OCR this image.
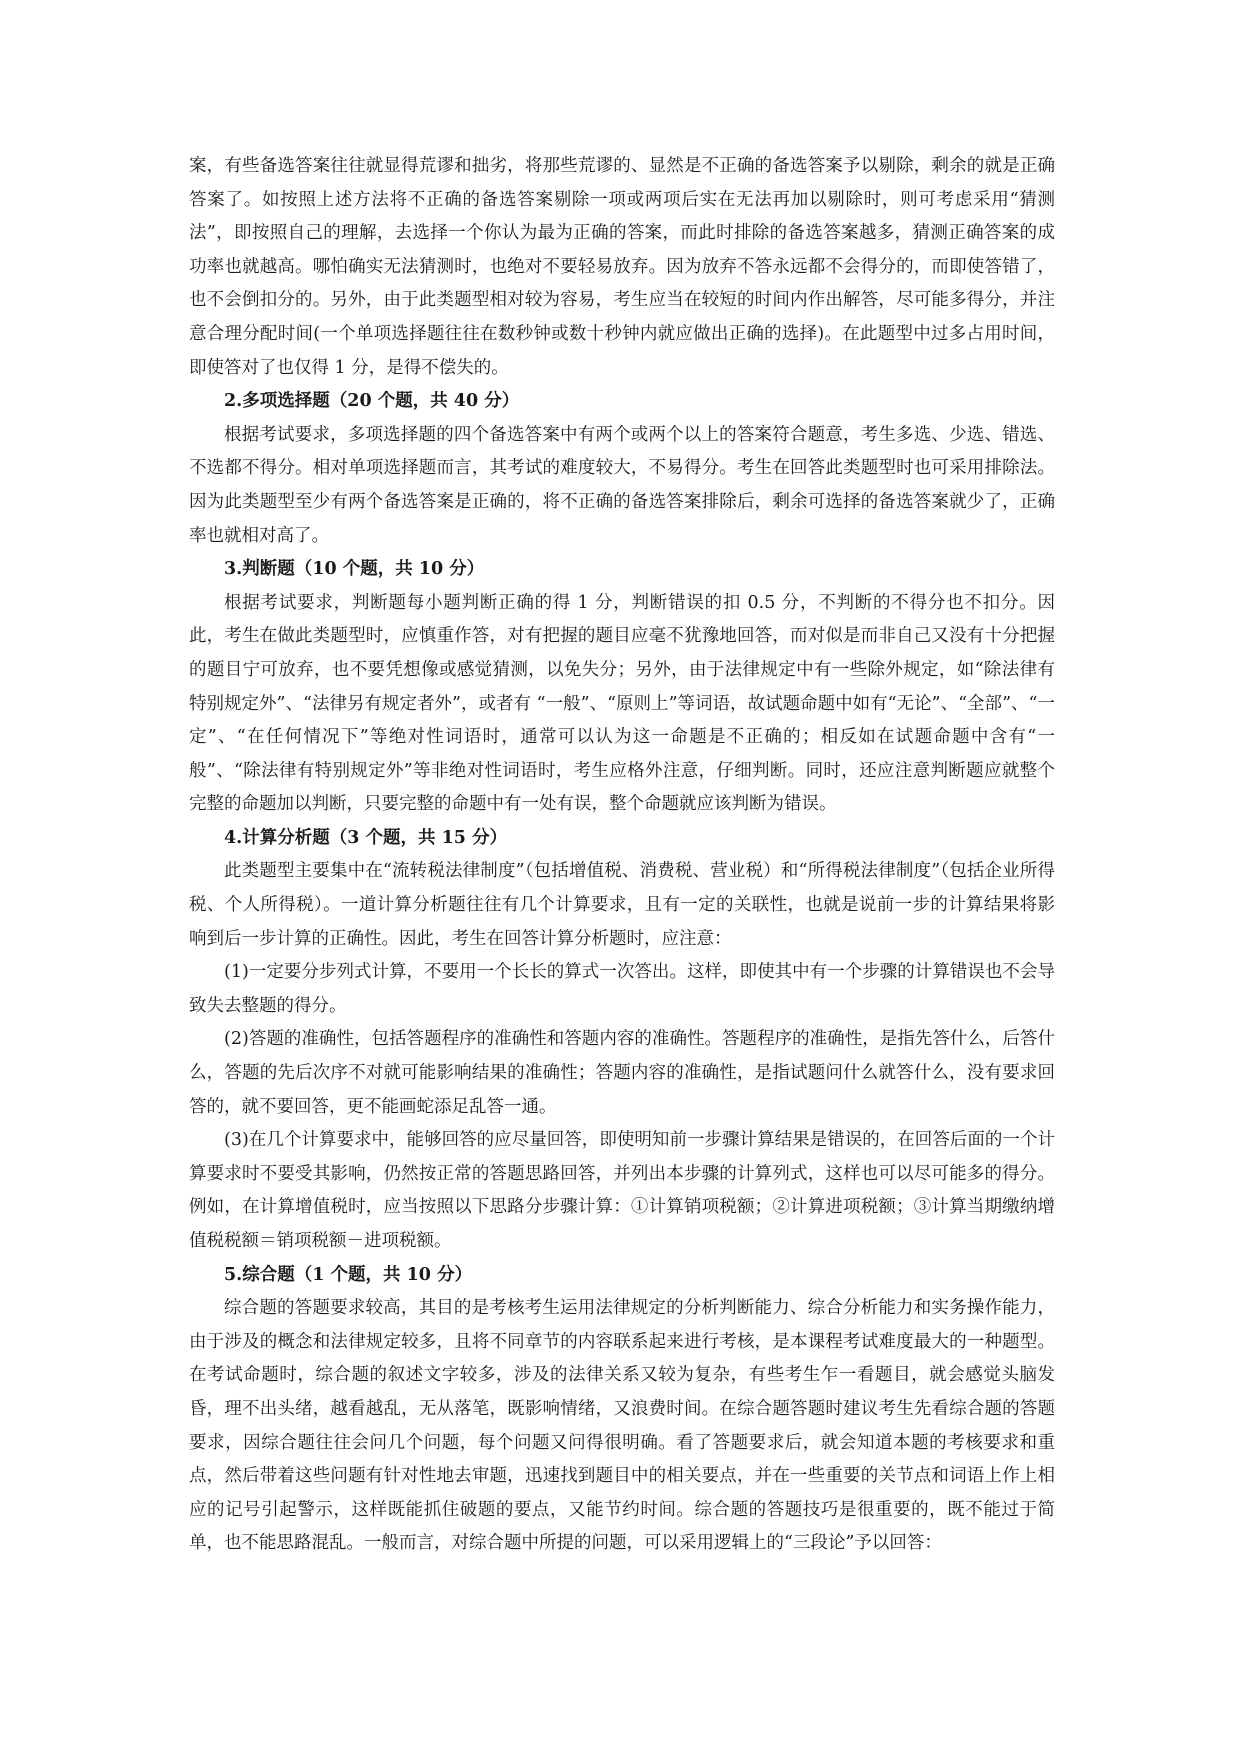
案，有些备选答案往往就显得荒谬和拙劣，将那些荒谬的、显然是不正确的备选答案予以剔除，剩余的就是正确答案了。如按照上述方法将不正确的备选答案剔除一项或两项后实在无法再加以剔除时，则可考虑采用“猜测法”，即按照自己的理解，去选择一个你认为最为正确的答案，而此时排除的备选答案越多，猜测正确答案的成功率也就越高。哪怕确实无法猜测时，也绝对不要轻易放弃。因为放弃不答永远都不会得分的，而即使答错了，也不会倒扣分的。另外，由于此类题型相对较为容易，考生应当在较短的时间内作出解答，尽可能多得分，并注意合理分配时间(一个单项选择题往往在数秒钟或数十秒钟内就应做出正确的选择)。在此题型中过多占用时间，即使答对了也仅得 1 分，是得不偿失的。

2.多项选择题（20 个题，共 40 分）

根据考试要求，多项选择题的四个备选答案中有两个或两个以上的答案符合题意，考生多选、少选、错选、不选都不得分。相对单项选择题而言，其考试的难度较大，不易得分。考生在回答此类题型时也可采用排除法。因为此类题型至少有两个备选答案是正确的，将不正确的备选答案排除后，剩余可选择的备选答案就少了，正确率也就相对高了。

3.判断题（10 个题，共 10 分）

根据考试要求，判断题每小题判断正确的得 1 分，判断错误的扣 0.5 分，不判断的不得分也不扣分。因此，考生在做此类题型时，应慎重作答，对有把握的题目应毫不犹豫地回答，而对似是而非自己又没有十分把握的题目宁可放弃，也不要凭想像或感觉猜测，以免失分；另外，由于法律规定中有一些除外规定，如“除法律有特别规定外”、“法律另有规定者外”，或者有 “一般”、“原则上”等词语，故试题命题中如有“无论”、“全部”、“一定”、“在任何情况下”等绝对性词语时，通常可以认为这一命题是不正确的；相反如在试题命题中含有“一般”、“除法律有特别规定外”等非绝对性词语时，考生应格外注意，仔细判断。同时，还应注意判断题应就整个完整的命题加以判断，只要完整的命题中有一处有误，整个命题就应该判断为错误。

4.计算分析题（3 个题，共 15 分）

此类题型主要集中在“流转税法律制度”（包括增值税、消费税、营业税）和“所得税法律制度”（包括企业所得税、个人所得税）。一道计算分析题往往有几个计算要求，且有一定的关联性，也就是说前一步的计算结果将影响到后一步计算的正确性。因此，考生在回答计算分析题时，应注意：

(1)一定要分步列式计算，不要用一个长长的算式一次答出。这样，即使其中有一个步骤的计算错误也不会导致失去整题的得分。

(2)答题的准确性，包括答题程序的准确性和答题内容的准确性。答题程序的准确性，是指先答什么，后答什么，答题的先后次序不对就可能影响结果的准确性；答题内容的准确性，是指试题问什么就答什么，没有要求回答的，就不要回答，更不能画蛇添足乱答一通。

(3)在几个计算要求中，能够回答的应尽量回答，即使明知前一步骤计算结果是错误的，在回答后面的一个计算要求时不要受其影响，仍然按正常的答题思路回答，并列出本步骤的计算列式，这样也可以尽可能多的得分。例如，在计算增值税时，应当按照以下思路分步骤计算：①计算销项税额；②计算进项税额；③计算当期缴纳增值税税额＝销项税额－进项税额。

5.综合题（1 个题，共 10 分）

综合题的答题要求较高，其目的是考核考生运用法律规定的分析判断能力、综合分析能力和实务操作能力，由于涉及的概念和法律规定较多，且将不同章节的内容联系起来进行考核，是本课程考试难度最大的一种题型。在考试命题时，综合题的叙述文字较多，涉及的法律关系又较为复杂，有些考生乍一看题目，就会感觉头脑发昏，理不出头绪，越看越乱，无从落笔，既影响情绪，又浪费时间。在综合题答题时建议考生先看综合题的答题要求，因综合题往往会问几个问题，每个问题又问得很明确。看了答题要求后，就会知道本题的考核要求和重点，然后带着这些问题有针对性地去审题，迅速找到题目中的相关要点，并在一些重要的关节点和词语上作上相应的记号引起警示，这样既能抓住破题的要点，又能节约时间。综合题的答题技巧是很重要的，既不能过于简单，也不能思路混乱。一般而言，对综合题中所提的问题，可以采用逻辑上的“三段论”予以回答：
